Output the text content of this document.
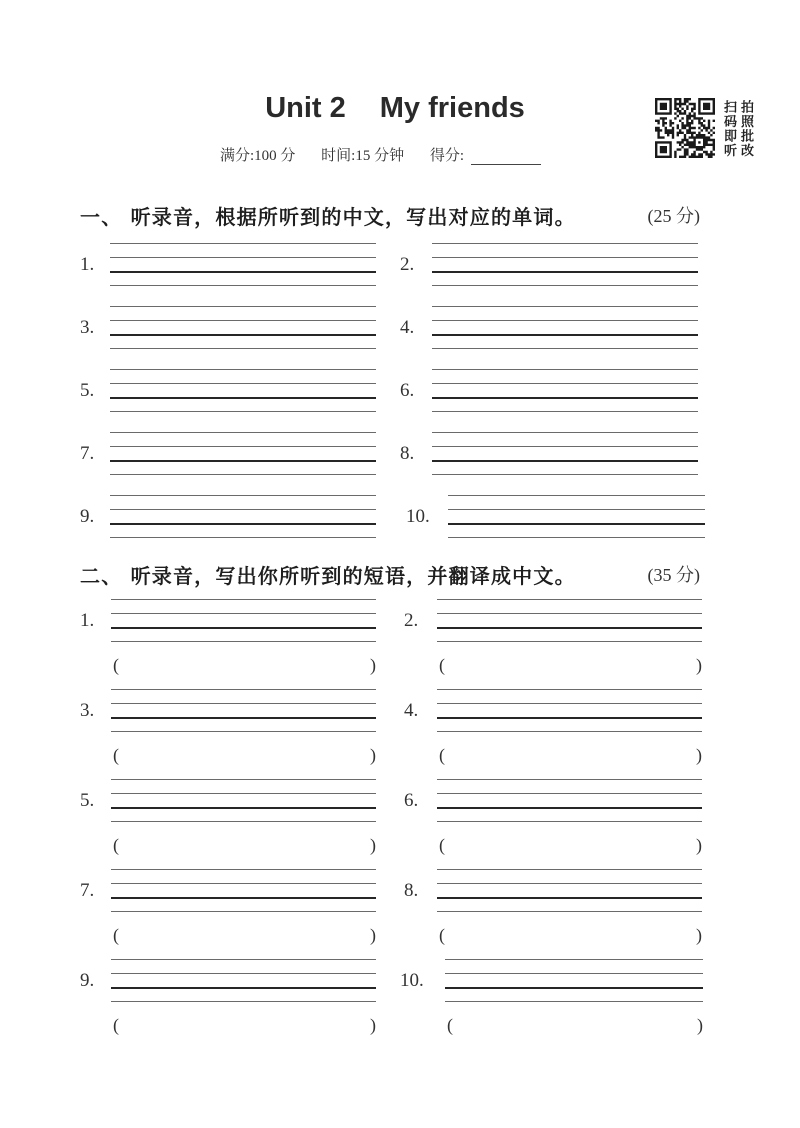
Unit 2 My friends
满分:100 分 时间:15 分钟 得分:	扫码即听 拍照批改
一、 听录音，根据所听到的中文，写出对应的单词。	(25 分)
1.	2.
3.	4.
5.	6.
7.	8.
9.	10.
二、 听录音，写出你所听到的短语，并翻译成中文。	(35 分)
1.
(	)
2.
(	)
3.
(	)
4.
(	)
5.
(	)
6.
(	)
7.
(	)
8.
(	)
9.
(	)
10.
(	)
